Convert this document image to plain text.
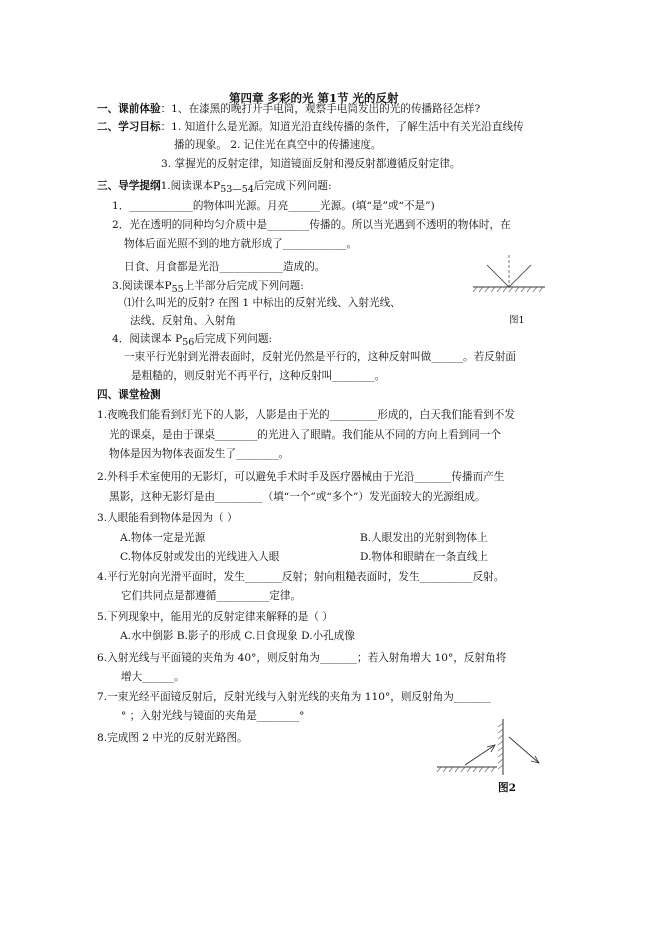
第四章 多彩的光 第1节 光的反射
一、课前体验：1、在漆黑的晚打开手电筒，观察手电筒发出的光的传播路径怎样?
二、学习目标：1. 知道什么是光源。知道光沿直线传播的条件，了解生活中有关光沿直线传
播的现象。 2. 记住光在真空中的传播速度。
3. 掌握光的反射定律，知道镜面反射和漫反射都遵循反射定律。
三、导学提纲1.阅读课本$P_{53—54}$后完成下列问题:
1．____________的物体叫光源。月亮______光源。(填“是”或“不是”)
2．光在透明的同种均匀介质中是________传播的。所以当光遇到不透明的物体时，在
物体后面光照不到的地方就形成了____________。
日食、月食都是光沿____________造成的。
3.阅读课本$P_{55}$上半部分后完成下列问题:
⑴什么叫光的反射? 在图 1 中标出的反射光线、入射光线、
法线、反射角、入射角	图1
4．阅读课本 $P_{56}$后完成下列问题:
一束平行光射到光滑表面时，反射光仍然是平行的，这种反射叫做______。若反射面
是粗糙的，则反射光不再平行，这种反射叫________。
四、课堂检测
1.夜晚我们能看到灯光下的人影，人影是由于光的_________形成的，白天我们能看到不发
光的课桌，是由于课桌________的光进入了眼睛。我们能从不同的方向上看到同一个
物体是因为物体表面发生了________。
2.外科手术室使用的无影灯，可以避免手术时手及医疗器械由于光沿_______传播而产生
黑影，这种无影灯是由_________（填“一个”或“多个”）发光面较大的光源组成。
3.人眼能看到物体是因为（ ）
A.物体一定是光源	B.人眼发出的光射到物体上
C.物体反射或发出的光线进入人眼	D.物体和眼睛在一条直线上
4.平行光射向光滑平面时，发生_______反射；射向粗糙表面时，发生__________反射。
它们共同点是都遵循__________定律。
5.下列现象中，能用光的反射定律来解释的是（ ）
A.水中倒影 B.影子的形成 C.日食现象 D.小孔成像
6.入射光线与平面镜的夹角为 40°，则反射角为_______；若入射角增大 10°，反射角将
增大______。
7.一束光经平面镜反射后，反射光线与入射光线的夹角为 110°，则反射角为_______
° ；入射光线与镜面的夹角是________°
8.完成图 2 中光的反射光路图。
图2
